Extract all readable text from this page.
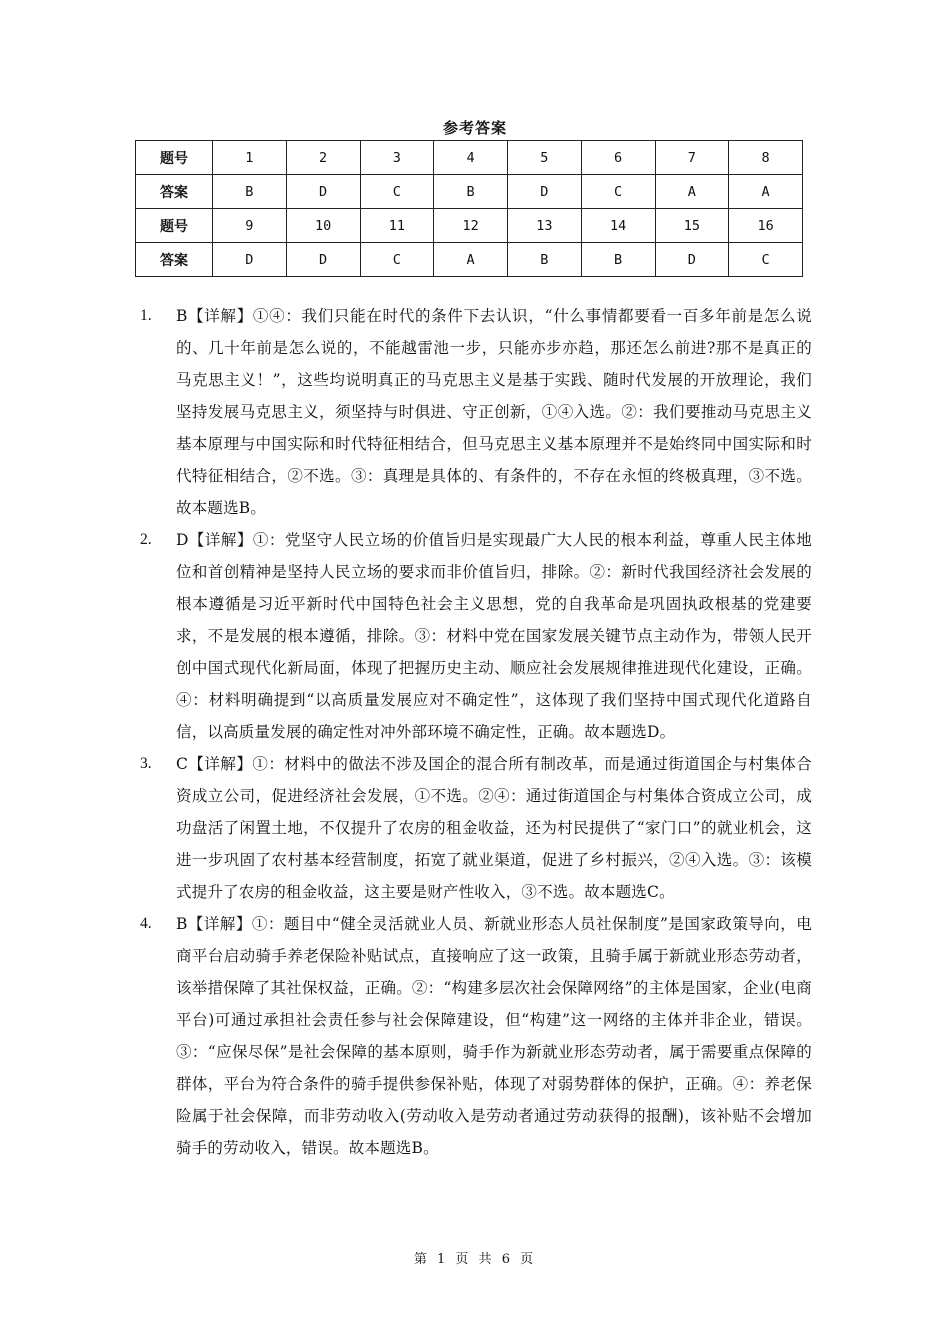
参考答案
题号	1	2	3	4	5	6	7	8
答案	B	D	C	B	D	C	A	A
题号	9	10	11	12	13	14	15	16
答案	D	D	C	A	B	B	D	C
1.	B【详解】①④：我们只能在时代的条件下去认识，“什么事情都要看一百多年前是怎么说的、几十年前是怎么说的，不能越雷池一步，只能亦步亦趋，那还怎么前进?那不是真正的马克思主义！”，这些均说明真正的马克思主义是基于实践、随时代发展的开放理论，我们坚持发展马克思主义，须坚持与时俱进、守正创新，①④入选。②：我们要推动马克思主义基本原理与中国实际和时代特征相结合，但马克思主义基本原理并不是始终同中国实际和时代特征相结合，②不选。③：真理是具体的、有条件的，不存在永恒的终极真理，③不选。故本题选B。
2.	D【详解】①：党坚守人民立场的价值旨归是实现最广大人民的根本利益，尊重人民主体地位和首创精神是坚持人民立场的要求而非价值旨归，排除。②：新时代我国经济社会发展的根本遵循是习近平新时代中国特色社会主义思想，党的自我革命是巩固执政根基的党建要求，不是发展的根本遵循，排除。③：材料中党在国家发展关键节点主动作为，带领人民开创中国式现代化新局面，体现了把握历史主动、顺应社会发展规律推进现代化建设，正确。④：材料明确提到“以高质量发展应对不确定性”，这体现了我们坚持中国式现代化道路自信，以高质量发展的确定性对冲外部环境不确定性，正确。故本题选D。
3.	C【详解】①：材料中的做法不涉及国企的混合所有制改革，而是通过街道国企与村集体合资成立公司，促进经济社会发展，①不选。②④：通过街道国企与村集体合资成立公司，成功盘活了闲置土地，不仅提升了农房的租金收益，还为村民提供了“家门口”的就业机会，这进一步巩固了农村基本经营制度，拓宽了就业渠道，促进了乡村振兴，②④入选。③：该模式提升了农房的租金收益，这主要是财产性收入，③不选。故本题选C。
4.	B【详解】①：题目中“健全灵活就业人员、新就业形态人员社保制度”是国家政策导向，电商平台启动骑手养老保险补贴试点，直接响应了这一政策，且骑手属于新就业形态劳动者，该举措保障了其社保权益，正确。②：“构建多层次社会保障网络”的主体是国家，企业(电商平台)可通过承担社会责任参与社会保障建设，但“构建”这一网络的主体并非企业，错误。③：“应保尽保”是社会保障的基本原则，骑手作为新就业形态劳动者，属于需要重点保障的群体，平台为符合条件的骑手提供参保补贴，体现了对弱势群体的保护，正确。④：养老保险属于社会保障，而非劳动收入(劳动收入是劳动者通过劳动获得的报酬)，该补贴不会增加骑手的劳动收入，错误。故本题选B。
第 1 页 共 6 页
